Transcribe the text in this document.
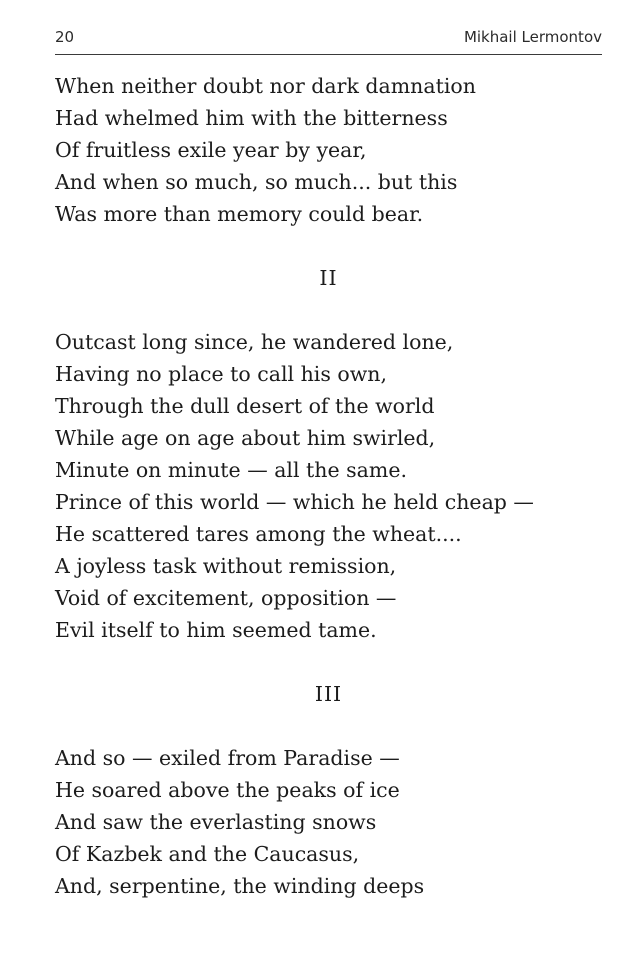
20	Mikhail Lermontov
When neither doubt nor dark damnation
Had whelmed him with the bitterness
Of fruitless exile year by year,
And when so much, so much... but this
Was more than memory could bear.
II
Outcast long since, he wandered lone,
Having no place to call his own,
Through the dull desert of the world
While age on age about him swirled,
Minute on minute — all the same.
Prince of this world — which he held cheap —
He scattered tares among the wheat....
A joyless task without remission,
Void of excitement, opposition —
Evil itself to him seemed tame.
III
And so — exiled from Paradise —
He soared above the peaks of ice
And saw the everlasting snows
Of Kazbek and the Caucasus,
And, serpentine, the winding deeps
